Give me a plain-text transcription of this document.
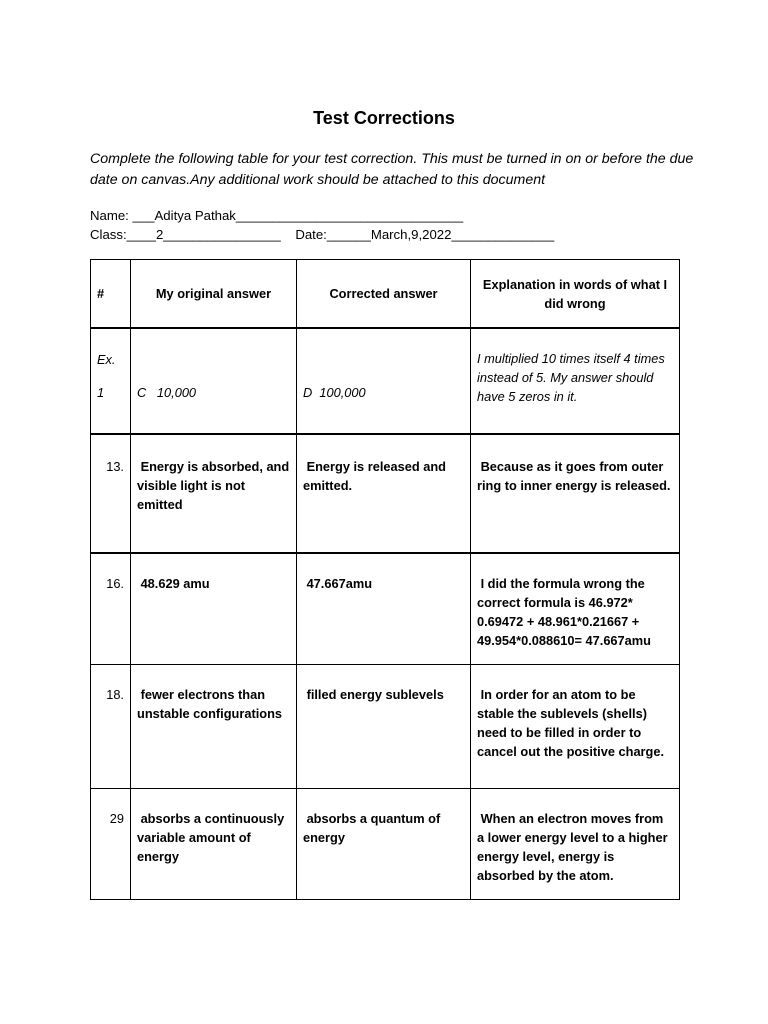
Test Corrections
Complete the following table for your test correction. This must be turned in on or before the due date on canvas.Any additional work should be attached to this document
Name: ___Aditya Pathak_______________________________
Class:____2________________    Date:______March,9,2022______________
#	My original answer	Corrected answer	Explanation in words of what I did wrong

Ex.
1	C   10,000	D  100,000	I multiplied 10 times itself 4 times instead of 5. My answer should have 5 zeros in it.
13.	Energy is absorbed, and visible light is not emitted	Energy is released and emitted.	Because as it goes from outer ring to inner energy is released.
16.	48.629 amu	47.667amu	I did the formula wrong the correct formula is 46.972* 0.69472 + 48.961*0.21667 + 49.954*0.088610= 47.667amu
18.	fewer electrons than unstable configurations	filled energy sublevels	In order for an atom to be stable the sublevels (shells) need to be filled in order to cancel out the positive charge.
29	absorbs a continuously variable amount of energy	absorbs a quantum of energy	When an electron moves from a lower energy level to a higher energy level, energy is absorbed by the atom.
